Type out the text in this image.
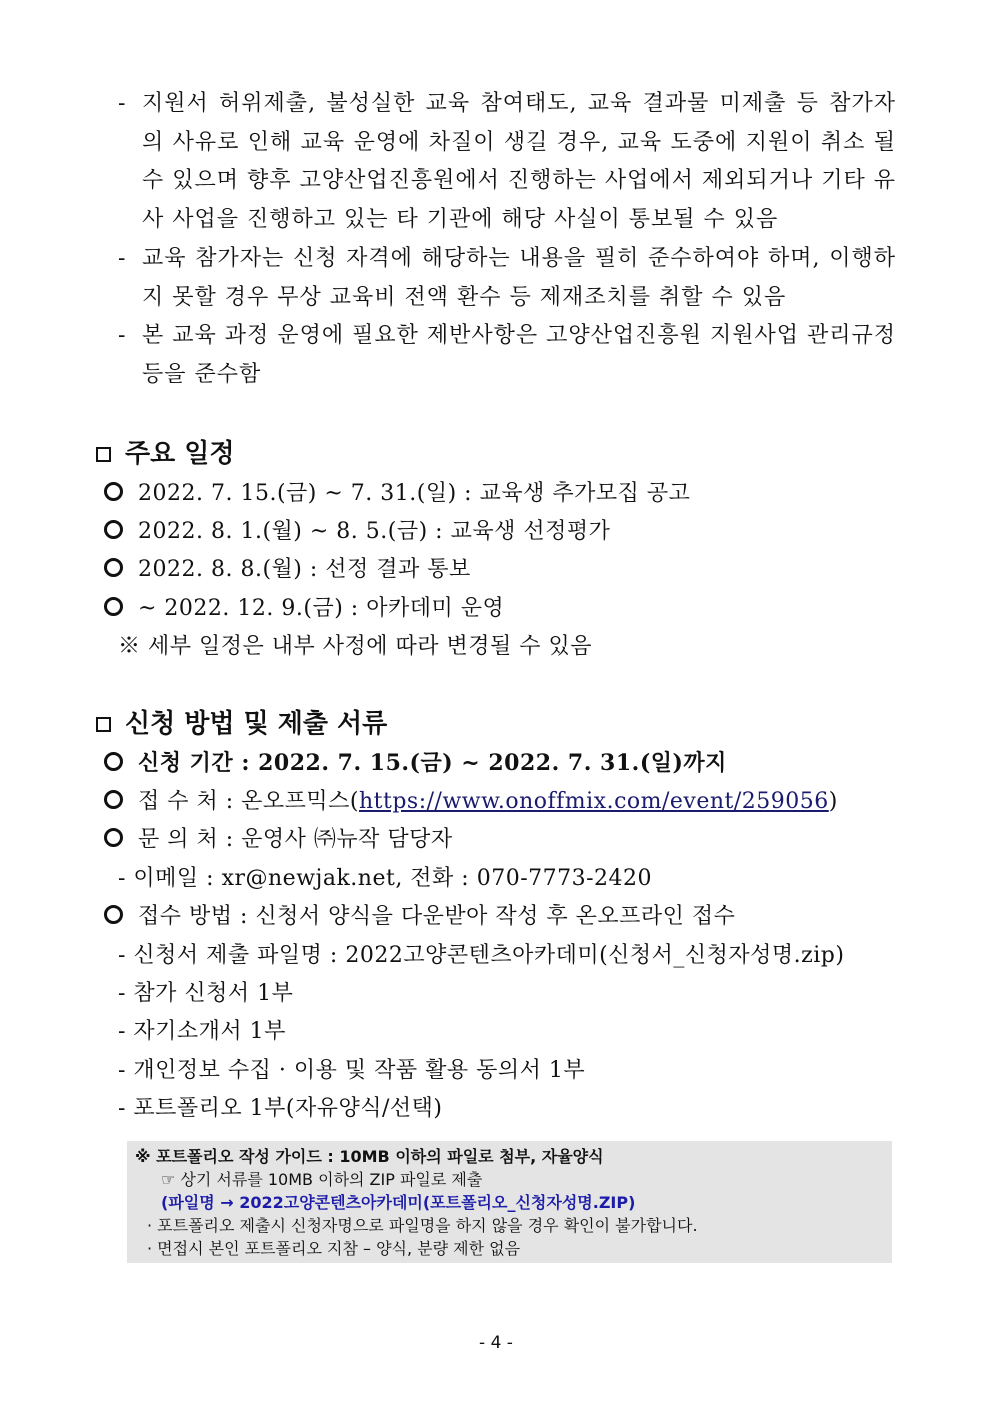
- 지원서 허위제출, 불성실한 교육 참여태도, 교육 결과물 미제출 등 참가자의 사유로 인해 교육 운영에 차질이 생길 경우, 교육 도중에 지원이 취소 될 수 있으며 향후 고양산업진흥원에서 진행하는 사업에서 제외되거나 기타 유사 사업을 진행하고 있는 타 기관에 해당 사실이 통보될 수 있음
- 교육 참가자는 신청 자격에 해당하는 내용을 필히 준수하여야 하며, 이행하지 못할 경우 무상 교육비 전액 환수 등 제재조치를 취할 수 있음
- 본 교육 과정 운영에 필요한 제반사항은 고양산업진흥원 지원사업 관리규정 등을 준수함
주요 일정
2022. 7. 15.(금) ~ 7. 31.(일) : 교육생 추가모집 공고
2022. 8. 1.(월) ~ 8. 5.(금) : 교육생 선정평가
2022. 8. 8.(월) : 선정 결과 통보
~ 2022. 12. 9.(금) : 아카데미 운영
※ 세부 일정은 내부 사정에 따라 변경될 수 있음
신청 방법 및 제출 서류
신청 기간 : 2022. 7. 15.(금) ~ 2022. 7. 31.(일)까지
접 수 처 : 온오프믹스(https://www.onoffmix.com/event/259056)
문 의 처 : 운영사 ㈜뉴작 담당자
- 이메일 : xr@newjak.net, 전화 : 070-7773-2420
접수 방법 : 신청서 양식을 다운받아 작성 후 온오프라인 접수
- 신청서 제출 파일명 : 2022고양콘텐츠아카데미(신청서_신청자성명.zip)
- 참가 신청서 1부
- 자기소개서 1부
- 개인정보 수집 · 이용 및 작품 활용 동의서 1부
- 포트폴리오 1부(자유양식/선택)
※ 포트폴리오 작성 가이드 : 10MB 이하의 파일로 첨부, 자율양식
☞ 상기 서류를 10MB 이하의 ZIP 파일로 제출
(파일명 → 2022고양콘텐츠아카데미(포트폴리오_신청자성명.ZIP)
· 포트폴리오 제출시 신청자명으로 파일명을 하지 않을 경우 확인이 불가합니다.
· 면접시 본인 포트폴리오 지참 – 양식, 분량 제한 없음
- 4 -
